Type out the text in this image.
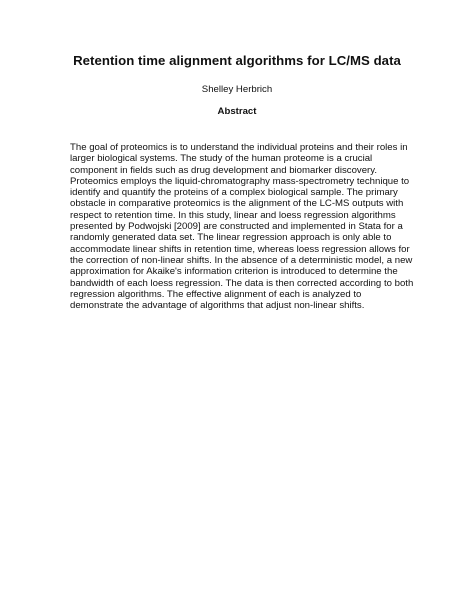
Retention time alignment algorithms for LC/MS data
Shelley Herbrich
Abstract
The goal of proteomics is to understand the individual proteins and their roles in
larger biological systems. The study of the human proteome is a crucial
component in fields such as drug development and biomarker discovery.
Proteomics employs the liquid-chromatography mass-spectrometry technique to
identify and quantify the proteins of a complex biological sample. The primary
obstacle in comparative proteomics is the alignment of the LC-MS outputs with
respect to retention time. In this study, linear and loess regression algorithms
presented by Podwojski [2009] are constructed and implemented in Stata for a
randomly generated data set. The linear regression approach is only able to
accommodate linear shifts in retention time, whereas loess regression allows for
the correction of non-linear shifts. In the absence of a deterministic model, a new
approximation for Akaike's information criterion is introduced to determine the
bandwidth of each loess regression. The data is then corrected according to both
regression algorithms. The effective alignment of each is analyzed to
demonstrate the advantage of algorithms that adjust non-linear shifts.
